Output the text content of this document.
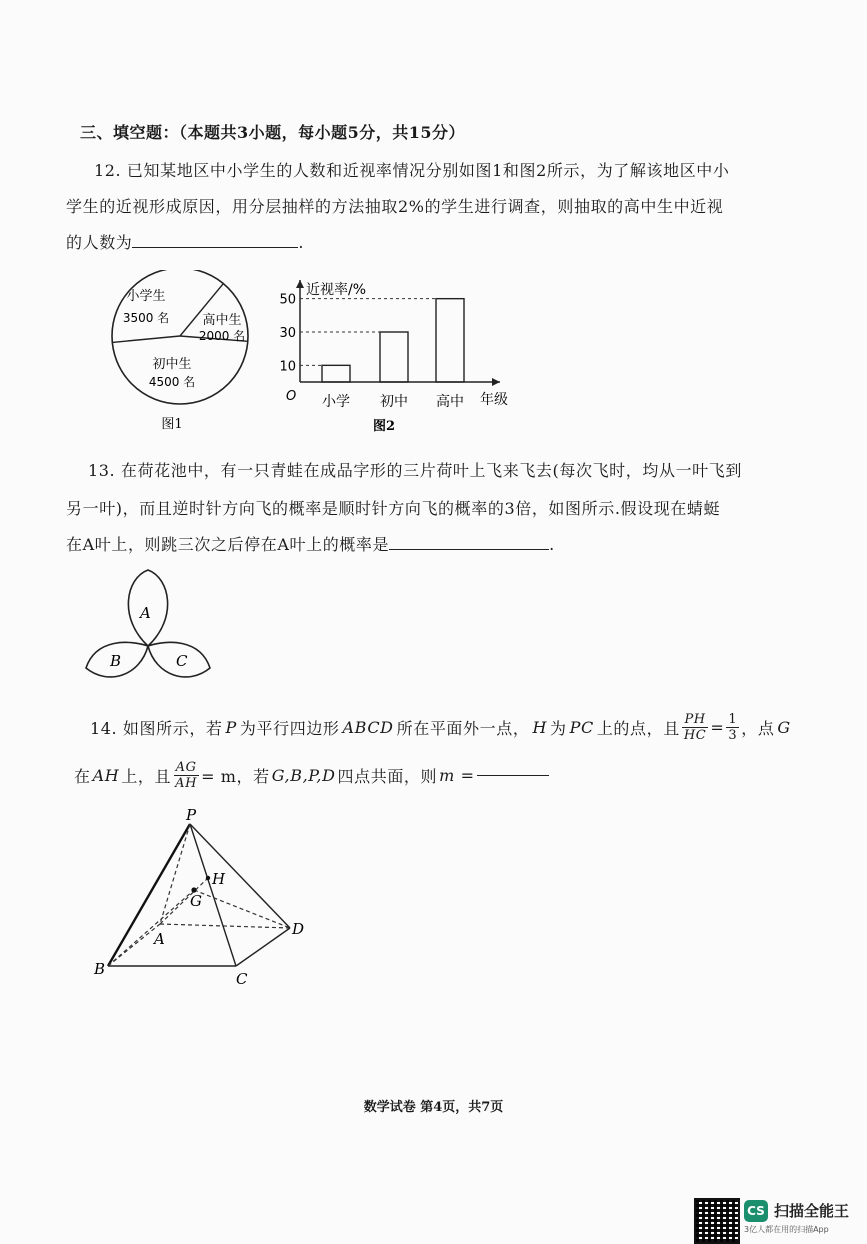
三、填空题：（本题共3小题，每小题5分，共15分）
12. 已知某地区中小学生的人数和近视率情况分别如图1和图2所示，为了解该地区中小
学生的近视形成原因，用分层抽样的方法抽取2%的学生进行调查，则抽取的高中生中近视
的人数为	.
小学生
3500 名	高中生
2000 名
初中生
4500 名
图1
近视率/%
年级
O
10
小学
30
初中
50
高中
图2
13. 在荷花池中，有一只青蛙在成品字形的三片荷叶上飞来飞去(每次飞时，均从一叶飞到
另一叶)，而且逆时针方向飞的概率是顺时针方向飞的概率的3倍，如图所示.假设现在蜻蜓
在A叶上，则跳三次之后停在A叶上的概率是	.
A
B	C
14. 如图所示，若 P 为平行四边形 ABCD 所在平面外一点， H 为 PC 上的点，且 $\frac{PH}{HC} = \frac{1}{3}$ ，点 G
在 AH 上，且 $\frac{AG}{AH} = m$，若 G,B,P,D 四点共面，则 m =
P
H
G
A
D
B
C
数学试卷 第4页，共7页
CS 扫描全能王
3亿人都在用的扫描App
